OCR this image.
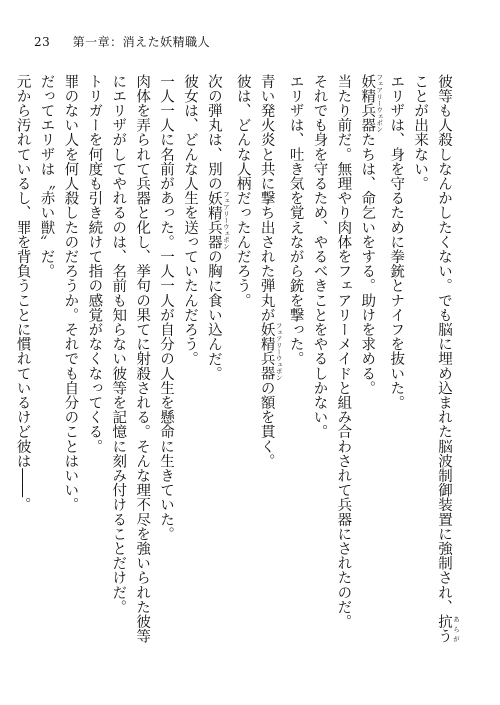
23 第一章：消えた妖精職人

彼等も人殺しなんかしたくない。でも脳に埋め込まれた脳波制御装置に強制され、抗う あらが

ことが出来ない。

エリザは、身を守るために拳銃とナイフを抜いた。

妖精兵器 フェアリーウェポンたちは、命乞いをする。助けを求める。

当たり前だ。無理やり肉体をフェアリーメイドと組み合わされて兵器にされたのだ。

それでも身を守るため、やるべきことをやるしかない。

エリザは、吐き気を覚えながら銃を撃った。

青い発火炎と共に撃ち出された弾丸が妖精兵器 フェアリーウェポンの額を貫く。

彼は、どんな人柄だったんだろう。

次の弾丸は、別の妖精兵器 フェアリーウェポンの胸に食い込んだ。

彼女は、どんな人生を送っていたんだろう。

一人一人に名前があった。一人一人が自分の人生を懸命に生きていた。

肉体を弄られて兵器と化し、挙句の果てに射殺される。そんな理不尽を強いられた彼等

にエリザがしてやれるのは、名前も知らない彼等を記憶に刻み付けることだけだ。

トリガーを何度も引き続けて指の感覚がなくなってくる。

罪のない人を何人殺したのだろうか。それでも自分のことはいい。

だってエリザは〝赤い獣〟だ。

元から汚れているし、罪を背負うことに慣れているけど彼は――。
